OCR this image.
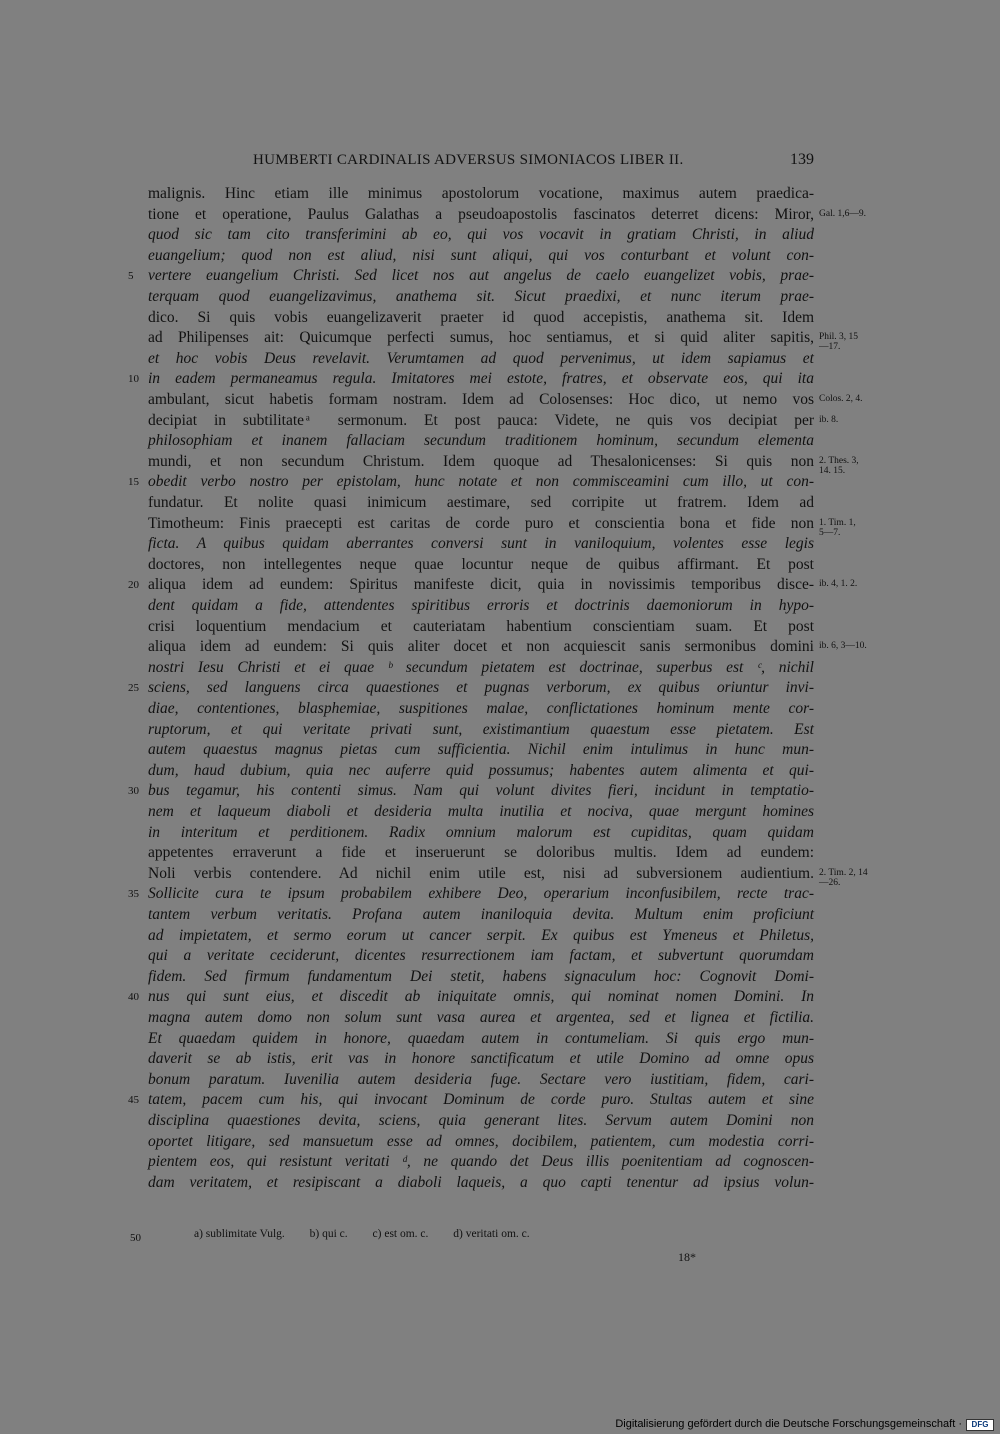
HUMBERTI CARDINALIS ADVERSUS SIMONIACOS LIBER II.	139
malignis. Hinc etiam ille minimus apostolorum vocatione, maximus autem praedica-
tione et operatione, Paulus Galathas a pseudoapostolis fascinatos deterret dicens: Miror,
quod sic tam cito transferimini ab eo, qui vos vocavit in gratiam Christi, in aliud
euangelium; quod non est aliud, nisi sunt aliqui, qui vos conturbant et volunt con-
vertere euangelium Christi. Sed licet nos aut angelus de caelo euangelizet vobis, prae-
5
terquam quod euangelizavimus, anathema sit. Sicut praedixi, et nunc iterum prae-
dico. Si quis vobis euangelizaverit praeter id quod accepistis, anathema sit. Idem
ad Philipenses ait: Quicumque perfecti sumus, hoc sentiamus, et si quid aliter sapitis,
et hoc vobis Deus revelavit. Verumtamen ad quod pervenimus, ut idem sapiamus et
in eadem permaneamus regula. Imitatores mei estote, fratres, et observate eos, qui ita
10
ambulant, sicut habetis formam nostram. Idem ad Colosenses: Hoc dico, ut nemo vos
decipiat in subtilitate ͣ sermonum. Et post pauca: Videte, ne quis vos decipiat per
philosophiam et inanem fallaciam secundum traditionem hominum, secundum elementa
mundi, et non secundum Christum. Idem quoque ad Thesalonicenses: Si quis non
obedit verbo nostro per epistolam, hunc notate et non commisceamini cum illo, ut con-
15
fundatur. Et nolite quasi inimicum aestimare, sed corripite ut fratrem. Idem ad
Timotheum: Finis praecepti est caritas de corde puro et conscientia bona et fide non
ficta. A quibus quidam aberrantes conversi sunt in vaniloquium, volentes esse legis
doctores, non intellegentes neque quae locuntur neque de quibus affirmant. Et post
aliqua idem ad eundem: Spiritus manifeste dicit, quia in novissimis temporibus disce-
20
dent quidam a fide, attendentes spiritibus erroris et doctrinis daemoniorum in hypo-
crisi loquentium mendacium et cauteriatam habentium conscientiam suam. Et post
aliqua idem ad eundem: Si quis aliter docet et non acquiescit sanis sermonibus domini
nostri Iesu Christi et ei quae ᵇ secundum pietatem est doctrinae, superbus est ᶜ, nichil
sciens, sed languens circa quaestiones et pugnas verborum, ex quibus oriuntur invi-
25
diae, contentiones, blasphemiae, suspitiones malae, conflictationes hominum mente cor-
ruptorum, et qui veritate privati sunt, existimantium quaestum esse pietatem. Est
autem quaestus magnus pietas cum sufficientia. Nichil enim intulimus in hunc mun-
dum, haud dubium, quia nec auferre quid possumus; habentes autem alimenta et qui-
bus tegamur, his contenti simus. Nam qui volunt divites fieri, incidunt in temptatio-
30
nem et laqueum diaboli et desideria multa inutilia et nociva, quae mergunt homines
in interitum et perditionem. Radix omnium malorum est cupiditas, quam quidam
appetentes erraverunt a fide et inseruerunt se doloribus multis. Idem ad eundem:
Noli verbis contendere. Ad nichil enim utile est, nisi ad subversionem audientium.
Sollicite cura te ipsum probabilem exhibere Deo, operarium inconfusibilem, recte trac-
35
tantem verbum veritatis. Profana autem inaniloquia devita. Multum enim proficiunt
ad impietatem, et sermo eorum ut cancer serpit. Ex quibus est Ymeneus et Philetus,
qui a veritate ceciderunt, dicentes resurrectionem iam factam, et subvertunt quorumdam
fidem. Sed firmum fundamentum Dei stetit, habens signaculum hoc: Cognovit Domi-
nus qui sunt eius, et discedit ab iniquitate omnis, qui nominat nomen Domini. In
40
magna autem domo non solum sunt vasa aurea et argentea, sed et lignea et fictilia.
Et quaedam quidem in honore, quaedam autem in contumeliam. Si quis ergo mun-
daverit se ab istis, erit vas in honore sanctificatum et utile Domino ad omne opus
bonum paratum. Iuvenilia autem desideria fuge. Sectare vero iustitiam, fidem, cari-
tatem, pacem cum his, qui invocant Dominum de corde puro. Stultas autem et sine
45
disciplina quaestiones devita, sciens, quia generant lites. Servum autem Domini non
oportet litigare, sed mansuetum esse ad omnes, docibilem, patientem, cum modestia corri-
pientem eos, qui resistunt veritati ᵈ, ne quando det Deus illis poenitentiam ad cognoscen-
dam veritatem, et resipiscant a diaboli laqueis, a quo capti tenentur ad ipsius volun-
Gal. 1,6—9.
Phil. 3, 15
—17.
Colos. 2, 4.
ib. 8.
2. Thes. 3,
14. 15.
1. Tim. 1,
5—7.
ib. 4, 1. 2.
ib. 6, 3—10.
2. Tim. 2, 14
—26.
50	a) sublimitate Vulg. b) qui c. c) est om. c. d) veritati om. c.
18*
Digitalisierung gefördert durch die Deutsche Forschungsgemeinschaft ·	DFG
